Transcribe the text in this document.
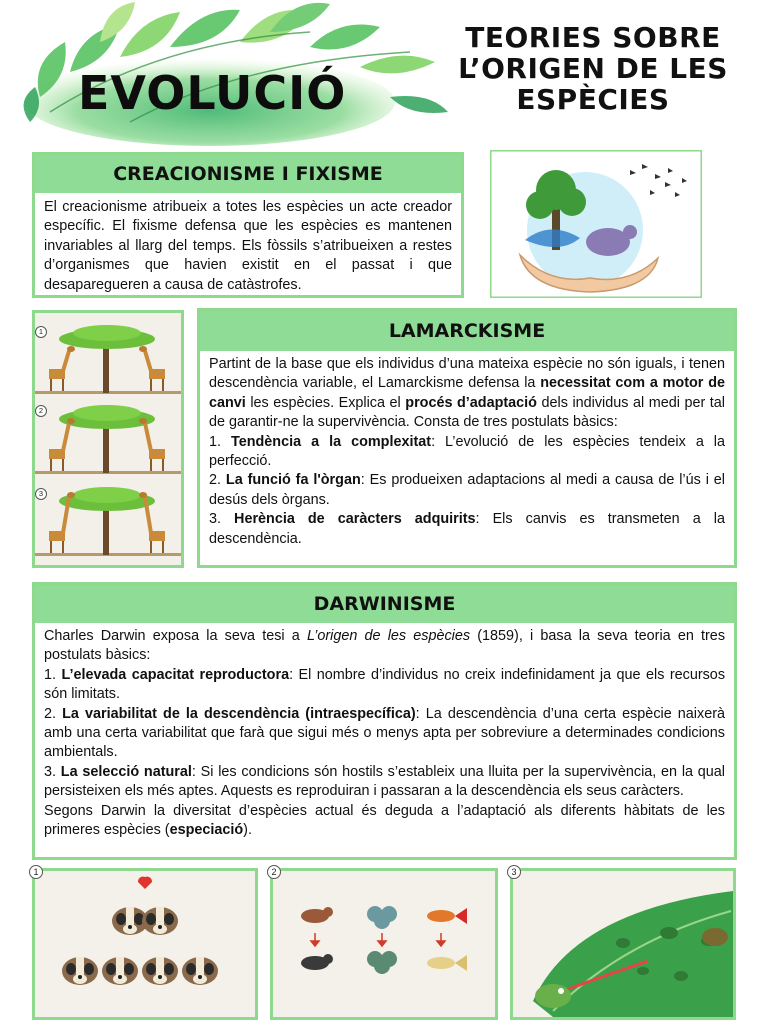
EVOLUCIÓ
TEORIES SOBRE
L’ORIGEN DE LES
ESPÈCIES
CREACIONISME I FIXISME
El creacionisme atribueix a totes les espècies un acte creador específic. El fixisme defensa que les espècies es mantenen invariables al llarg del temps. Els fòssils s’atribueixen a restes d’organismes que havien existit en el passat i que desaparegueren a causa de catàstrofes.
1
2
3
LAMARCKISME

Partint de la base que els individus d’una mateixa espècie no són iguals, i tenen descendència variable, el Lamarckisme defensa la necessitat com a motor de canvi les espècies. Explica el procés d’adaptació dels individus al medi per tal de garantir-ne la supervivència. Consta de tres postulats bàsics:

1. Tendència a la complexitat: L’evolució de les espècies tendeix a la perfecció.

2. La funció fa l'òrgan: Es produeixen adaptacions al medi a causa de l’ús i el desús dels òrgans.

3. Herència de caràcters adquirits: Els canvis es transmeten a la descendència.

DARWINISME

Charles Darwin exposa la seva tesi a L’origen de les espècies (1859), i basa la seva teoria en tres postulats bàsics:

1. L’elevada capacitat reproductora: El nombre d’individus no creix indefinidament ja que els recursos són limitats.

2. La variabilitat de la descendència (intraespecífica): La descendència d’una certa espècie naixerà amb una certa variabilitat que farà que sigui més o menys apta per sobreviure a determinades condicions ambientals.

3. La selecció natural: Si les condicions són hostils s’estableix una lluita per la supervivència, en la qual persisteixen els més aptes. Aquests es reproduiran i passaran a la descendència els seus caràcters.

Segons Darwin la diversitat d’espècies actual és deguda a l’adaptació als diferents hàbitats de les primeres espècies (especiació).

1	2	3
